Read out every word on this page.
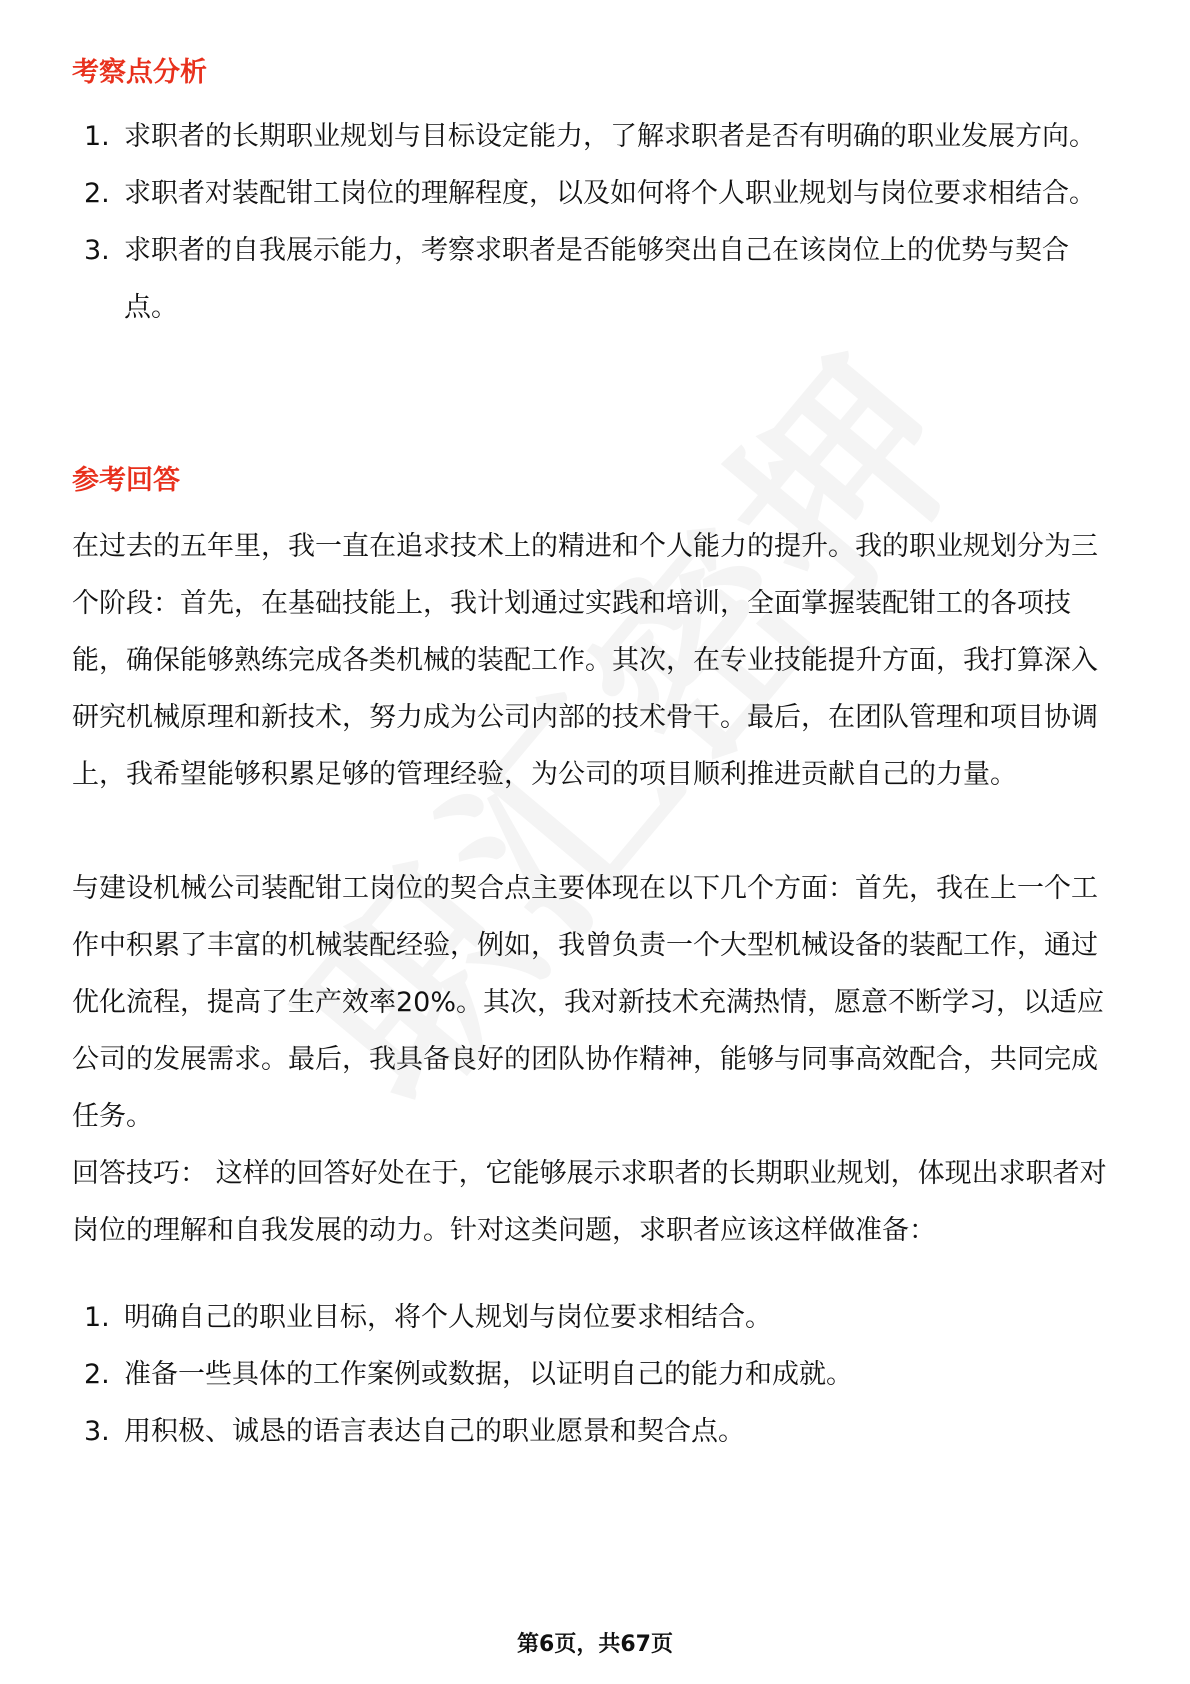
考察点分析
1. 求职者的长期职业规划与目标设定能力，了解求职者是否有明确的职业发展方向。
2. 求职者对装配钳工岗位的理解程度，以及如何将个人职业规划与岗位要求相结合。
3. 求职者的自我展示能力，考察求职者是否能够突出自己在该岗位上的优势与契合点。
参考回答

在过去的五年里，我一直在追求技术上的精进和个人能力的提升。我的职业规划分为三个阶段：首先，在基础技能上，我计划通过实践和培训，全面掌握装配钳工的各项技能，确保能够熟练完成各类机械的装配工作。其次，在专业技能提升方面，我打算深入研究机械原理和新技术，努力成为公司内部的技术骨干。最后，在团队管理和项目协调上，我希望能够积累足够的管理经验，为公司的项目顺利推进贡献自己的力量。

与建设机械公司装配钳工岗位的契合点主要体现在以下几个方面：首先，我在上一个工作中积累了丰富的机械装配经验，例如，我曾负责一个大型机械设备的装配工作，通过优化流程，提高了生产效率20%。其次，我对新技术充满热情，愿意不断学习，以适应公司的发展需求。最后，我具备良好的团队协作精神，能够与同事高效配合，共同完成任务。

回答技巧： 这样的回答好处在于，它能够展示求职者的长期职业规划，体现出求职者对岗位的理解和自我发展的动力。针对这类问题，求职者应该这样做准备：

1. 明确自己的职业目标，将个人规划与岗位要求相结合。
2. 准备一些具体的工作案例或数据，以证明自己的能力和成就。
3. 用积极、诚恳的语言表达自己的职业愿景和契合点。
第6页，共67页
